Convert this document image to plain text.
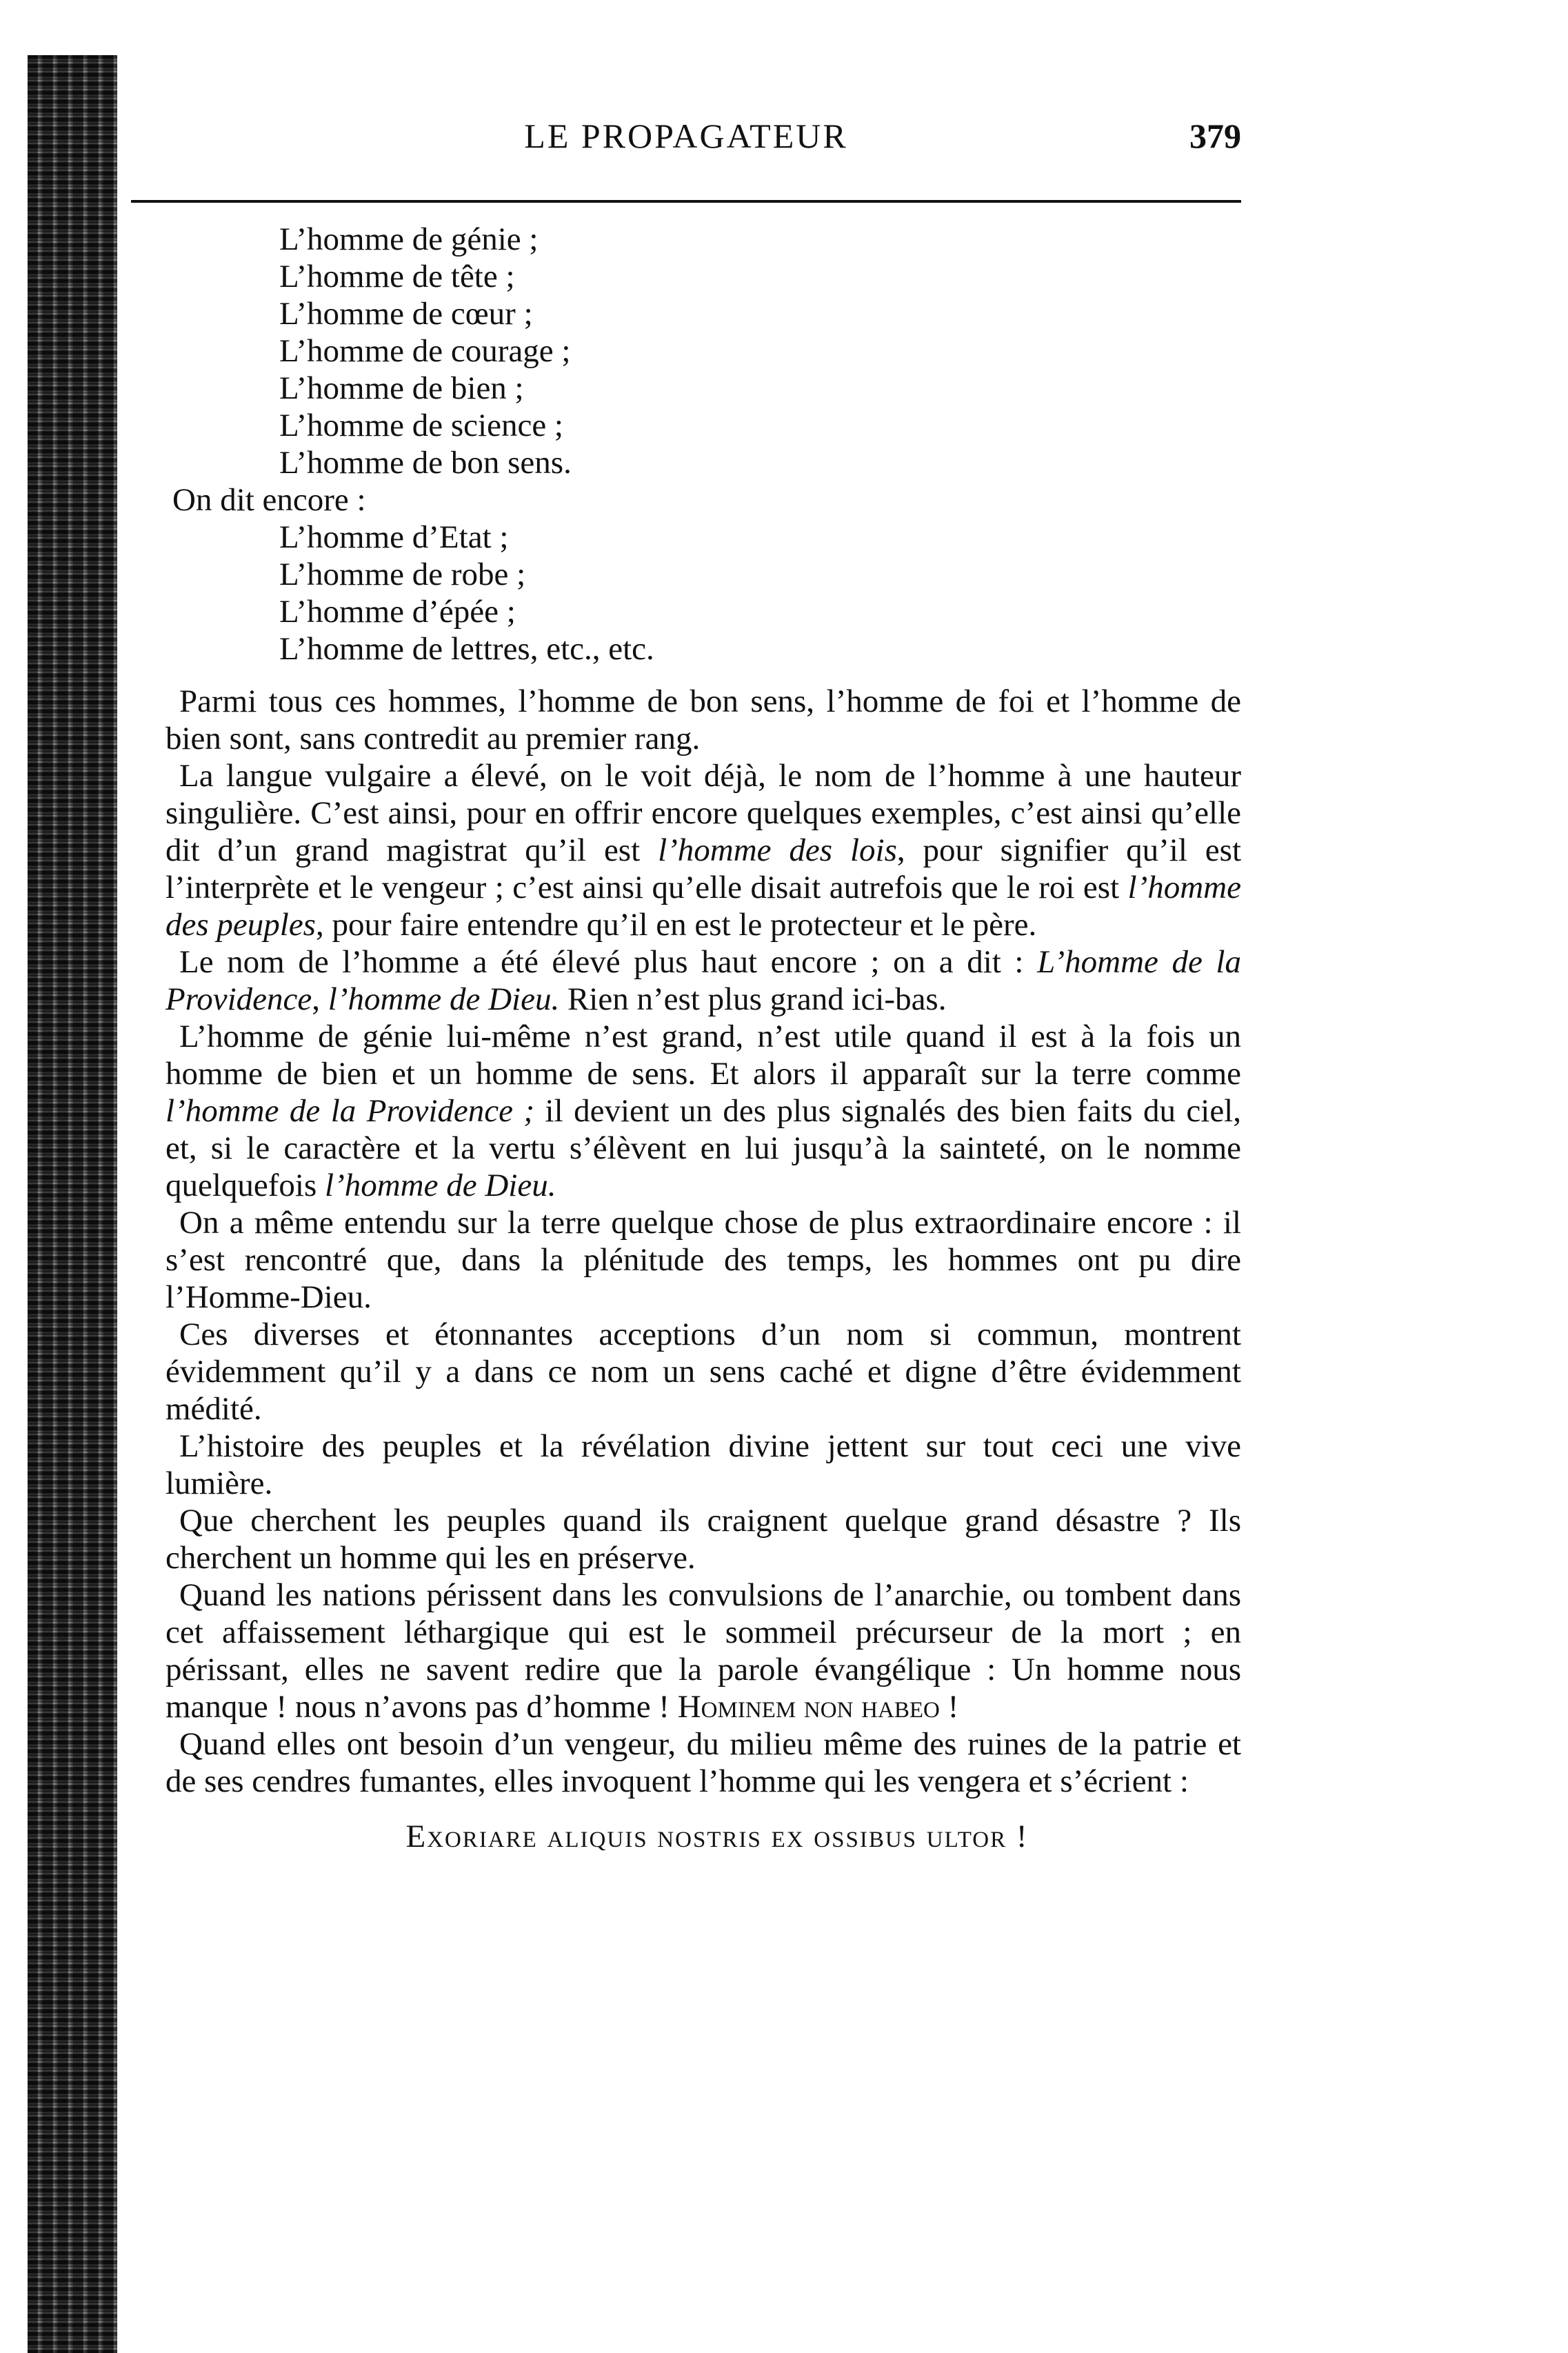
LE PROPAGATEUR	379
L’homme de génie ;
L’homme de tête ;
L’homme de cœur ;
L’homme de courage ;
L’homme de bien ;
L’homme de science ;
L’homme de bon sens.
On dit encore :
L’homme d’Etat ;
L’homme de robe ;
L’homme d’épée ;
L’homme de lettres, etc., etc.

Parmi tous ces hommes, l’homme de bon sens, l’homme de foi et l’homme de bien sont, sans contredit au premier rang.

La langue vulgaire a élevé, on le voit déjà, le nom de l’homme à une hauteur singulière. C’est ainsi, pour en offrir encore quelques exemples, c’est ainsi qu’elle dit d’un grand magistrat qu’il est l’homme des lois, pour signifier qu’il est l’interprète et le vengeur ; c’est ainsi qu’elle disait autrefois que le roi est l’homme des peuples, pour faire entendre qu’il en est le protecteur et le père.

Le nom de l’homme a été élevé plus haut encore ; on a dit : L’homme de la Providence, l’homme de Dieu. Rien n’est plus grand ici-bas.

L’homme de génie lui-même n’est grand, n’est utile quand il est à la fois un homme de bien et un homme de sens. Et alors il apparaît sur la terre comme l’homme de la Providence ; il devient un des plus signalés des bien faits du ciel, et, si le caractère et la vertu s’élèvent en lui jusqu’à la sainteté, on le nomme quelquefois l’homme de Dieu.

On a même entendu sur la terre quelque chose de plus extraordinaire encore : il s’est rencontré que, dans la plénitude des temps, les hommes ont pu dire l’Homme-Dieu.

Ces diverses et étonnantes acceptions d’un nom si commun, montrent évidemment qu’il y a dans ce nom un sens caché et digne d’être évidemment médité.

L’histoire des peuples et la révélation divine jettent sur tout ceci une vive lumière.

Que cherchent les peuples quand ils craignent quelque grand désastre ? Ils cherchent un homme qui les en préserve.

Quand les nations périssent dans les convulsions de l’anarchie, ou tombent dans cet affaissement léthargique qui est le sommeil précurseur de la mort ; en périssant, elles ne savent redire que la parole évangélique : Un homme nous manque ! nous n’avons pas d’homme ! Hominem non habeo !

Quand elles ont besoin d’un vengeur, du milieu même des ruines de la patrie et de ses cendres fumantes, elles invoquent l’homme qui les vengera et s’écrient :

Exoriare aliquis nostris ex ossibus ultor !
